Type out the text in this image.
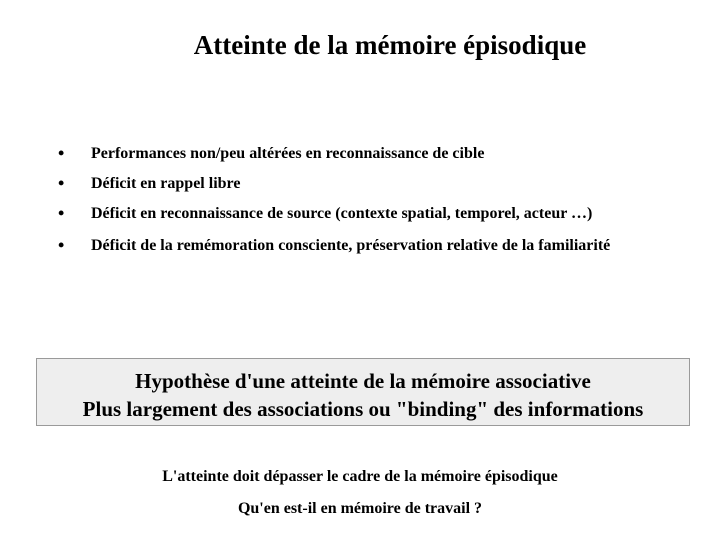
Atteinte de la mémoire épisodique
• Performances non/peu altérées en reconnaissance de cible
• Déficit en rappel libre
• Déficit en reconnaissance de source (contexte spatial, temporel, acteur …)
• Déficit de la remémoration consciente, préservation relative de la familiarité
Hypothèse d'une atteinte de la mémoire associative
Plus largement des associations ou "binding" des informations
L'atteinte doit dépasser le cadre de la mémoire épisodique
Qu'en est-il en mémoire de travail ?
